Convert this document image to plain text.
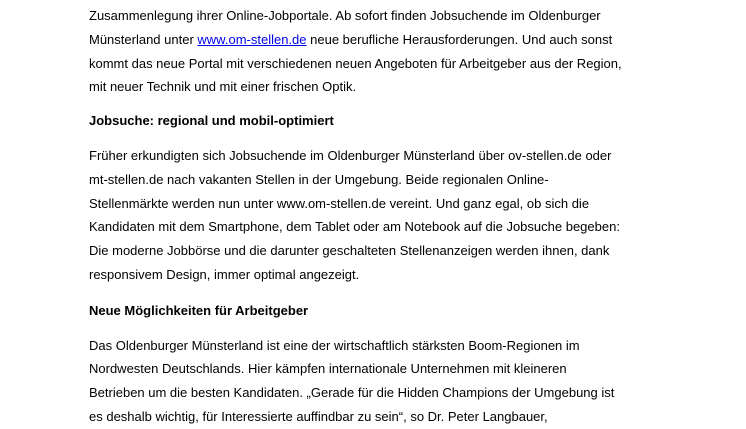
Zusammenlegung ihrer Online-Jobportale. Ab sofort finden Jobsuchende im Oldenburger
Münsterland unter www.om-stellen.de neue berufliche Herausforderungen. Und auch sonst
kommt das neue Portal mit verschiedenen neuen Angeboten für Arbeitgeber aus der Region,
mit neuer Technik und mit einer frischen Optik.

Jobsuche: regional und mobil-optimiert

Früher erkundigten sich Jobsuchende im Oldenburger Münsterland über ov-stellen.de oder
mt-stellen.de nach vakanten Stellen in der Umgebung. Beide regionalen Online-
Stellenmärkte werden nun unter www.om-stellen.de vereint. Und ganz egal, ob sich die
Kandidaten mit dem Smartphone, dem Tablet oder am Notebook auf die Jobsuche begeben:
Die moderne Jobbörse und die darunter geschalteten Stellenanzeigen werden ihnen, dank
responsivem Design, immer optimal angezeigt.

Neue Möglichkeiten für Arbeitgeber

Das Oldenburger Münsterland ist eine der wirtschaftlich stärksten Boom-Regionen im
Nordwesten Deutschlands. Hier kämpfen internationale Unternehmen mit kleineren
Betrieben um die besten Kandidaten. „Gerade für die Hidden Champions der Umgebung ist
es deshalb wichtig, für Interessierte auffindbar zu sein“, so Dr. Peter Langbauer,
